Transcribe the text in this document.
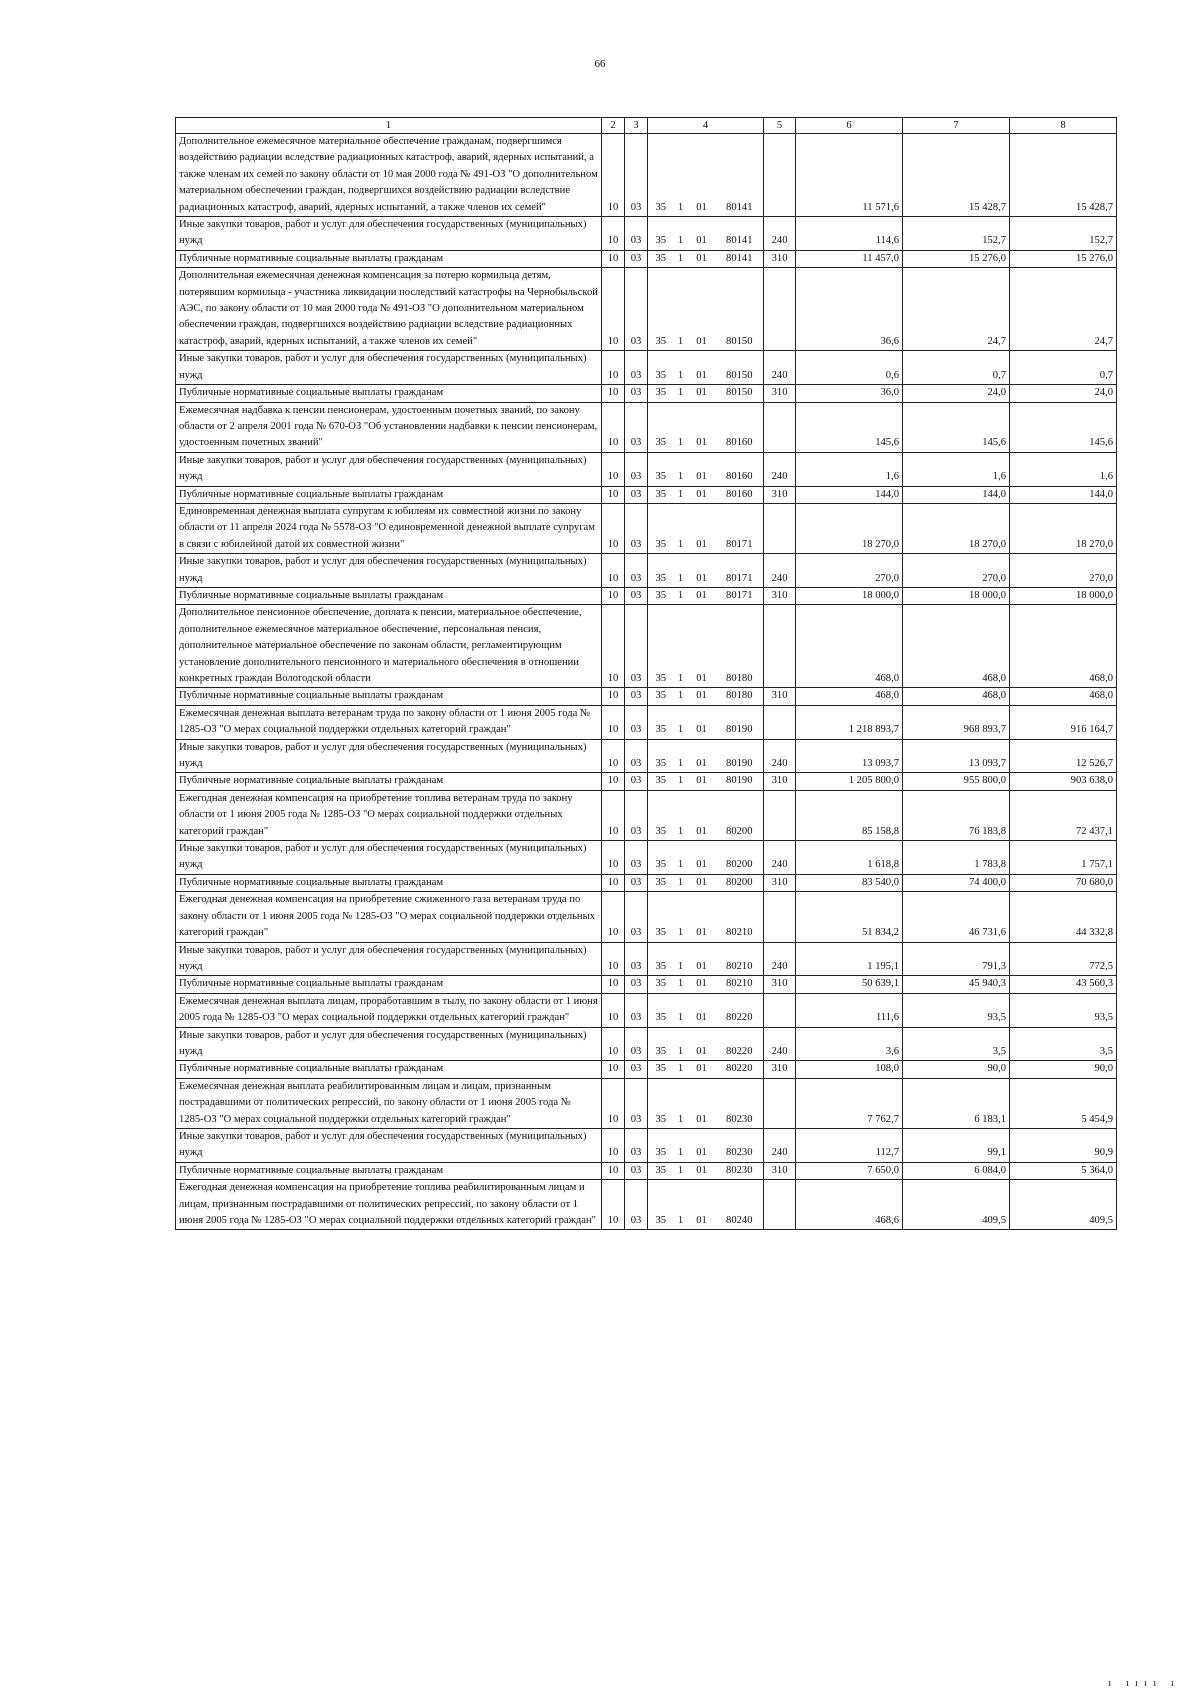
66
1	2	3	4				5	6	7	8
Дополнительное ежемесячное материальное обеспечение гражданам, подвергшимся воздействию радиации вследствие радиационных катастроф, аварий, ядерных испытаний, а также членам их семей по закону области от 10 мая 2000 года № 491-ОЗ "О дополнительном материальном обеспечении граждан, подвергшихся воздействию радиации вследствие радиационных катастроф, аварий, ядерных испытаний, а также членов их семей"	10	03	35	1	01	80141		11 571,6	15 428,7	15 428,7
Иные закупки товаров, работ и услуг для обеспечения государственных (муниципальных) нужд	10	03	35	1	01	80141	240	114,6	152,7	152,7
Публичные нормативные социальные выплаты гражданам	10	03	35	1	01	80141	310	11 457,0	15 276,0	15 276,0
Дополнительная ежемесячная денежная компенсация за потерю кормильца детям, потерявшим кормильца - участника ликвидации последствий катастрофы на Чернобыльской АЭС, по закону области от 10 мая 2000 года № 491-ОЗ "О дополнительном материальном обеспечении граждан, подвергшихся воздействию радиации вследствие радиационных катастроф, аварий, ядерных испытаний, а также членов их семей"	10	03	35	1	01	80150		36,6	24,7	24,7
Иные закупки товаров, работ и услуг для обеспечения государственных (муниципальных) нужд	10	03	35	1	01	80150	240	0,6	0,7	0,7
Публичные нормативные социальные выплаты гражданам	10	03	35	1	01	80150	310	36,0	24,0	24,0
Ежемесячная надбавка к пенсии пенсионерам, удостоенным почетных званий, по закону области от 2 апреля 2001 года № 670-ОЗ "Об установлении надбавки к пенсии пенсионерам, удостоенным почетных званий"	10	03	35	1	01	80160		145,6	145,6	145,6
Иные закупки товаров, работ и услуг для обеспечения государственных (муниципальных) нужд	10	03	35	1	01	80160	240	1,6	1,6	1,6
Публичные нормативные социальные выплаты гражданам	10	03	35	1	01	80160	310	144,0	144,0	144,0
Единовременная денежная выплата супругам к юбилеям их совместной жизни по закону области от 11 апреля 2024 года № 5578-ОЗ "О единовременной денежной выплате супругам в связи с юбилейной датой их совместной жизни"	10	03	35	1	01	80171		18 270,0	18 270,0	18 270,0
Иные закупки товаров, работ и услуг для обеспечения государственных (муниципальных) нужд	10	03	35	1	01	80171	240	270,0	270,0	270,0
Публичные нормативные социальные выплаты гражданам	10	03	35	1	01	80171	310	18 000,0	18 000,0	18 000,0
Дополнительное пенсионное обеспечение, доплата к пенсии, материальное обеспечение, дополнительное ежемесячное материальное обеспечение, персональная пенсия, дополнительное материальное обеспечение по законам области, регламентирующим установление дополнительного пенсионного и материального обеспечения в отношении конкретных граждан Вологодской области	10	03	35	1	01	80180		468,0	468,0	468,0
Публичные нормативные социальные выплаты гражданам	10	03	35	1	01	80180	310	468,0	468,0	468,0
Ежемесячная денежная выплата ветеранам труда по закону области от 1 июня 2005 года № 1285-ОЗ "О мерах социальной поддержки отдельных категорий граждан"	10	03	35	1	01	80190		1 218 893,7	968 893,7	916 164,7
Иные закупки товаров, работ и услуг для обеспечения государственных (муниципальных) нужд	10	03	35	1	01	80190	240	13 093,7	13 093,7	12 526,7
Публичные нормативные социальные выплаты гражданам	10	03	35	1	01	80190	310	1 205 800,0	955 800,0	903 638,0
Ежегодная денежная компенсация на приобретение топлива ветеранам труда по закону области от 1 июня 2005 года № 1285-ОЗ "О мерах социальной поддержки отдельных категорий граждан"	10	03	35	1	01	80200		85 158,8	76 183,8	72 437,1
Иные закупки товаров, работ и услуг для обеспечения государственных (муниципальных) нужд	10	03	35	1	01	80200	240	1 618,8	1 783,8	1 757,1
Публичные нормативные социальные выплаты гражданам	10	03	35	1	01	80200	310	83 540,0	74 400,0	70 680,0
Ежегодная денежная компенсация на приобретение сжиженного газа ветеранам труда по закону области от 1 июня 2005 года № 1285-ОЗ "О мерах социальной поддержки отдельных категорий граждан"	10	03	35	1	01	80210		51 834,2	46 731,6	44 332,8
Иные закупки товаров, работ и услуг для обеспечения государственных (муниципальных) нужд	10	03	35	1	01	80210	240	1 195,1	791,3	772,5
Публичные нормативные социальные выплаты гражданам	10	03	35	1	01	80210	310	50 639,1	45 940,3	43 560,3
Ежемесячная денежная выплата лицам, проработавшим в тылу, по закону области от 1 июня 2005 года № 1285-ОЗ "О мерах социальной поддержки отдельных категорий граждан"	10	03	35	1	01	80220		111,6	93,5	93,5
Иные закупки товаров, работ и услуг для обеспечения государственных (муниципальных) нужд	10	03	35	1	01	80220	240	3,6	3,5	3,5
Публичные нормативные социальные выплаты гражданам	10	03	35	1	01	80220	310	108,0	90,0	90,0
Ежемесячная денежная выплата реабилитированным лицам и лицам, признанным пострадавшими от политических репрессий, по закону области от 1 июня 2005 года № 1285-ОЗ "О мерах социальной поддержки отдельных категорий граждан"	10	03	35	1	01	80230		7 762,7	6 183,1	5 454,9
Иные закупки товаров, работ и услуг для обеспечения государственных (муниципальных) нужд	10	03	35	1	01	80230	240	112,7	99,1	90,9
Публичные нормативные социальные выплаты гражданам	10	03	35	1	01	80230	310	7 650,0	6 084,0	5 364,0
Ежегодная денежная компенсация на приобретение топлива реабилитированным лицам и лицам, признанным пострадавшими от политических репрессий, по закону области от 1 июня 2005 года № 1285-ОЗ "О мерах социальной поддержки отдельных категорий граждан"	10	03	35	1	01	80240		468,6	409,5	409,5
ı ıııı ı
